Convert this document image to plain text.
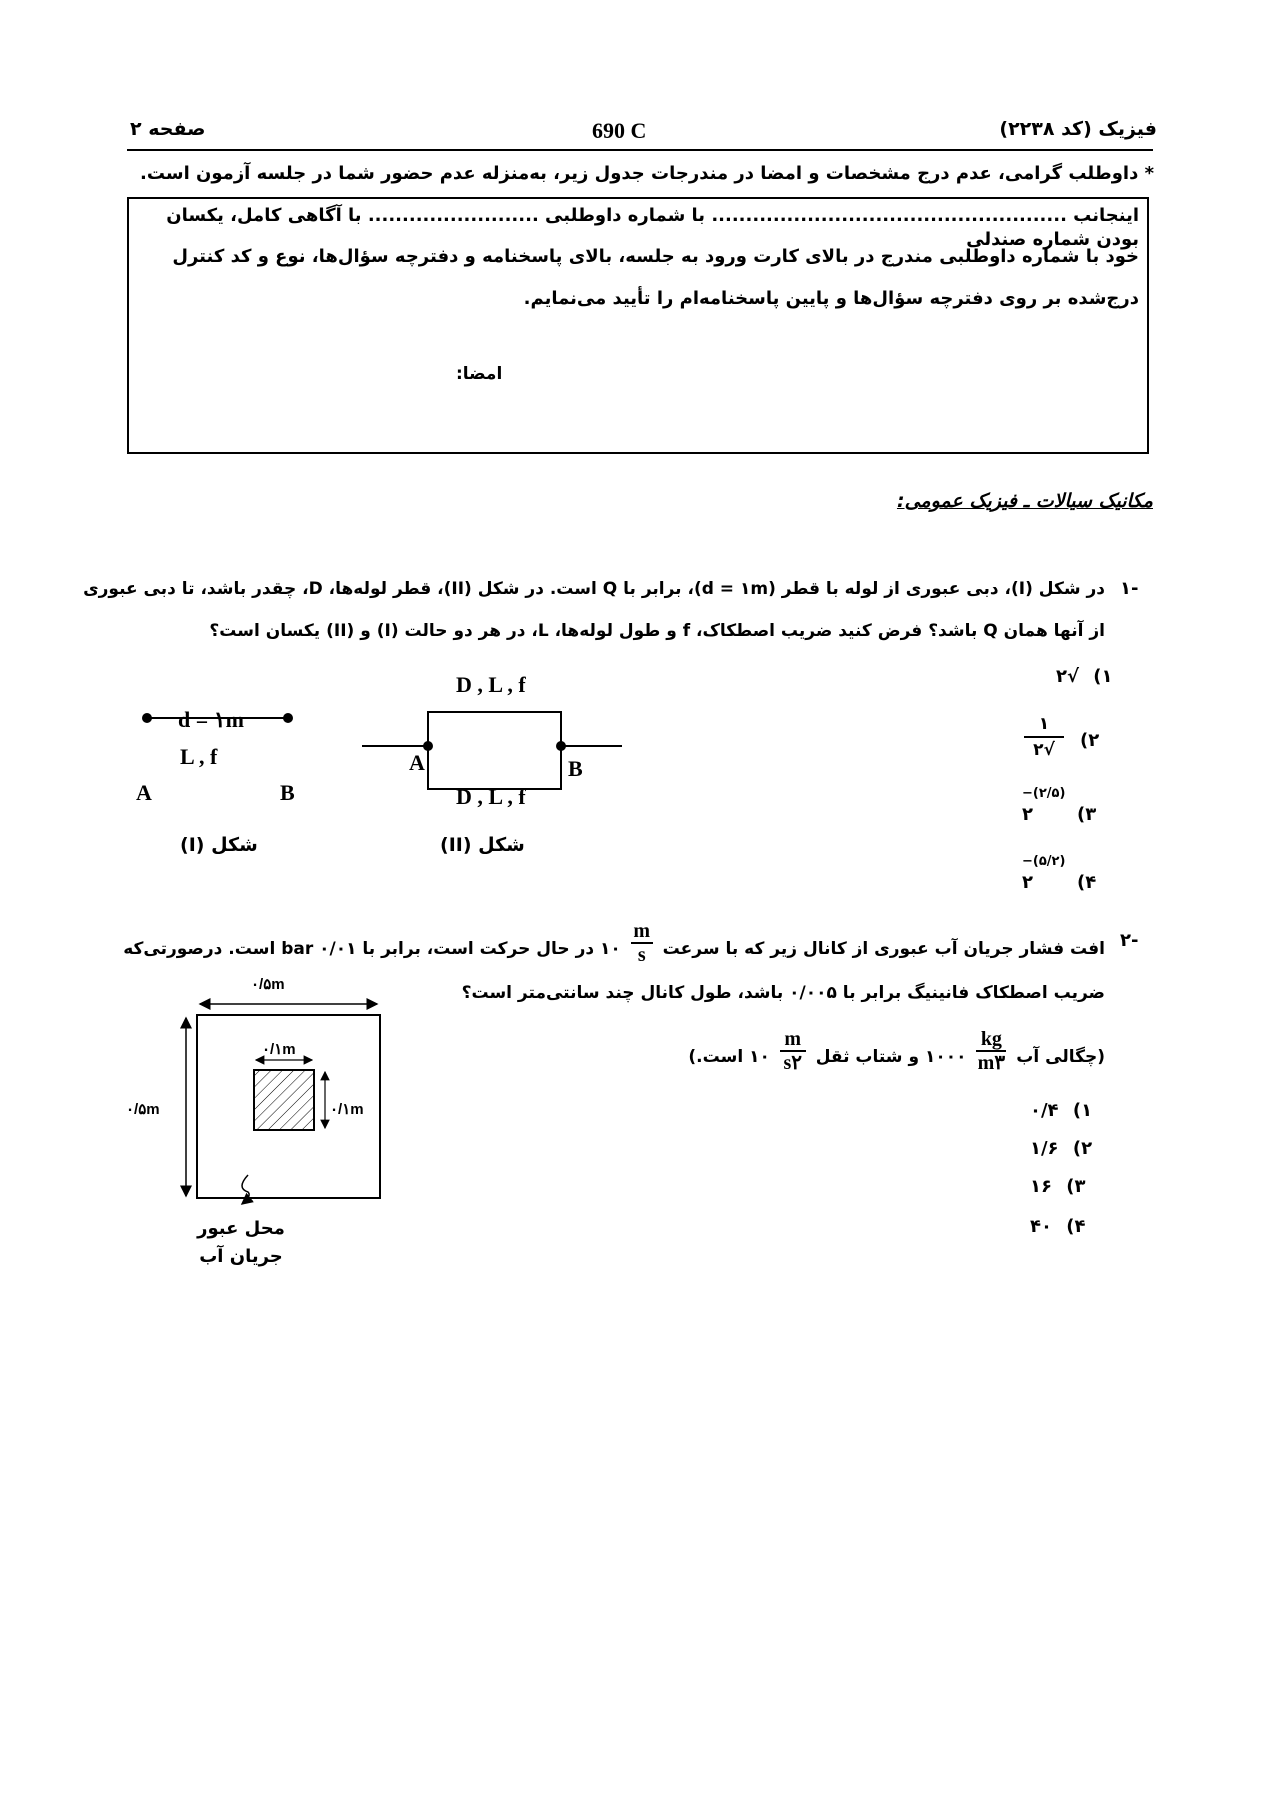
فیزیک (کد ۲۲۳۸)
690 C
صفحه ۲
* داوطلب گرامی، عدم درج مشخصات و امضا در مندرجات جدول زیر، به‌منزله عدم حضور شما در جلسه آزمون است.
اینجانب .................................................... با شماره داوطلبی ......................... با آگاهی کامل، یکسان بودن شماره صندلی
خود با شماره داوطلبی مندرج در بالای کارت ورود به جلسه، بالای پاسخنامه و دفترچه سؤال‌ها، نوع و کد کنترل
درج‌شده بر روی دفترچه سؤال‌ها و پایین پاسخنامه‌ام را تأیید می‌نمایم.
امضا:
مکانیک سیالات ـ فیزیک عمومی:
۱-
در شکل (I)، دبی عبوری از لوله با قطر (d = ۱m)، برابر با Q است. در شکل (II)، قطر لوله‌ها، D، چقدر باشد، تا دبی عبوری
از آنها همان Q باشد؟ فرض کنید ضریب اصطکاک، f و طول لوله‌ها، L، در هر دو حالت (I) و (II) یکسان است؟
۱) √۲
۲)
۱
√۲
۳)
۲
−(۲/۵)
۴)
۲
−(۵/۲)
d = ۱m
L , f
A	B
شکل (I)
D , L , f
D , L , f
A	B
شکل (II)
۲-
افت فشار جریان آب عبوری از کانال زیر که با سرعت
$\frac{m}{s}$
۱۰ در حال حرکت است، برابر با ۰/۰۱ bar است. درصورتی‌که
ضریب اصطکاک فانینیگ برابر با ۰/۰۰۵ باشد، طول کانال چند سانتی‌متر است؟
(چگالی آب
$\frac{kg}{m۳}$
۱۰۰۰ و شتاب ثقل
$\frac{m}{s۲}$
۱۰ است.)
۱) ۰/۴
۲) ۱/۶
۳) ۱۶
۴) ۴۰
۰/۵m
۰/۵m
۰/۱m
۰/۱m
محل عبور
جریان آب
